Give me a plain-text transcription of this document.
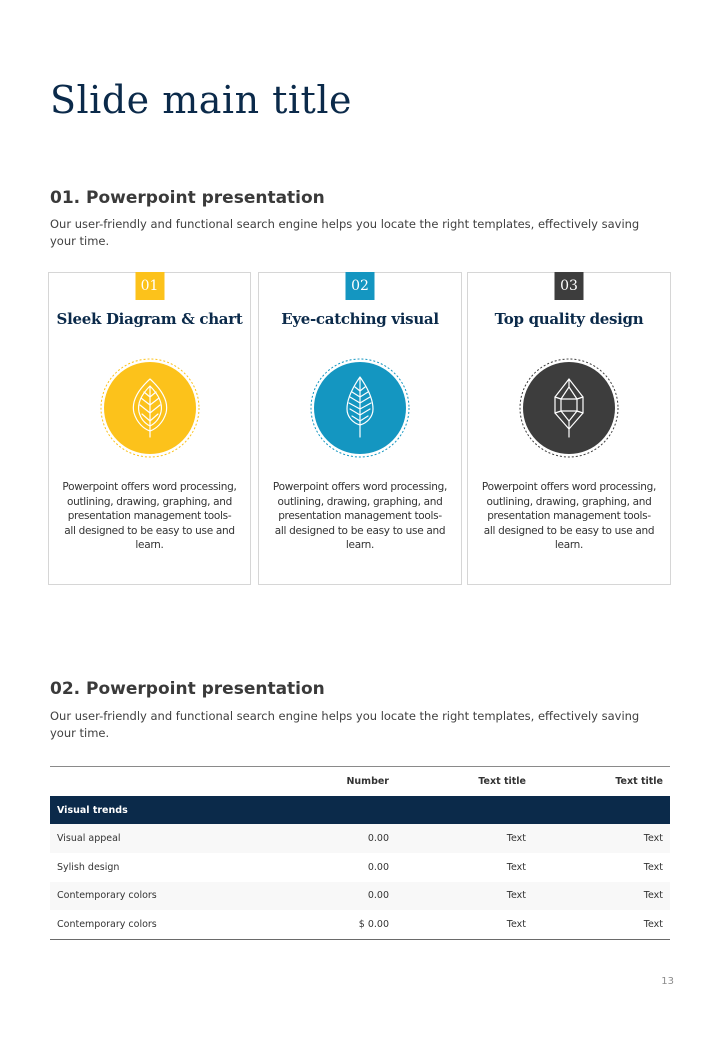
Slide main title
01. Powerpoint presentation

Our user-friendly and functional search engine helps you locate the right templates, effectively saving your time.

01
Sleek Diagram & chart

Powerpoint offers word processing, outlining, drawing, graphing, and presentation management tools- all designed to be easy to use and learn.

02
Eye-catching visual

Powerpoint offers word processing, outlining, drawing, graphing, and presentation management tools- all designed to be easy to use and learn.

03
Top quality design

Powerpoint offers word processing, outlining, drawing, graphing, and presentation management tools- all designed to be easy to use and learn.

02. Powerpoint presentation

Our user-friendly and functional search engine helps you locate the right templates, effectively saving your time.

	Number	Text title	Text title
Visual trends			
Visual appeal	0.00	Text	Text
Sylish design	0.00	Text	Text
Contemporary colors	0.00	Text	Text
Contemporary colors	$ 0.00	Text	Text
13
